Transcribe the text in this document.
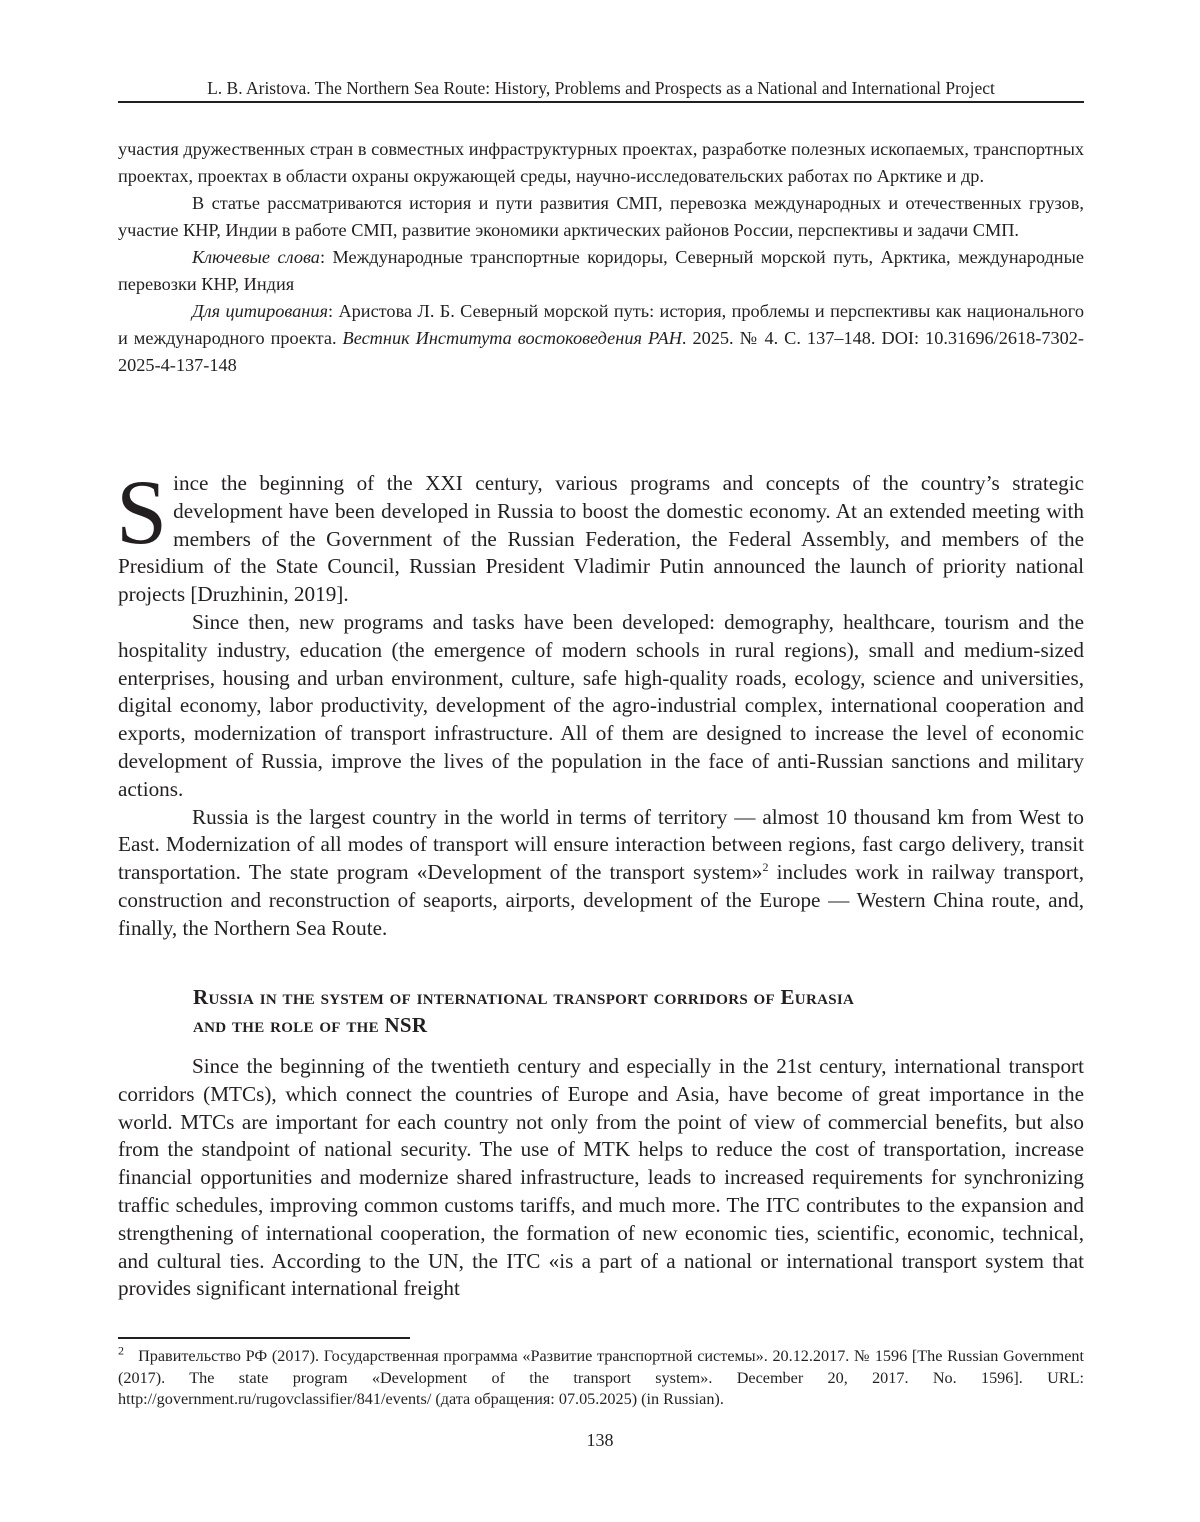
L. B. Aristova. The Northern Sea Route: History, Problems and Prospects as a National and International Project

участия дружественных стран в совместных инфраструктурных проектах, разработке полезных ископаемых, транспортных проектах, проектах в области охраны окружающей среды, научно-исследовательских работах по Арктике и др.

В статье рассматриваются история и пути развития СМП, перевозка международных и отечественных грузов, участие КНР, Индии в работе СМП, развитие экономики арктических районов России, перспективы и задачи СМП.

Ключевые слова: Международные транспортные коридоры, Северный морской путь, Арктика, международные перевозки КНР, Индия

Для цитирования: Аристова Л. Б. Северный морской путь: история, проблемы и перспективы как национального и международного проекта. Вестник Института востоковедения РАН. 2025. № 4. С. 137–148. DOI: 10.31696/2618-7302-2025-4-137-148

Since the beginning of the XXI century, various programs and concepts of the country’s strategic development have been developed in Russia to boost the domestic economy. At an extended meeting with members of the Government of the Russian Federation, the Federal Assembly, and members of the Presidium of the State Council, Russian President Vladimir Putin announced the launch of priority national projects [Druzhinin, 2019].

Since then, new programs and tasks have been developed: demography, healthcare, tourism and the hospitality industry, education (the emergence of modern schools in rural regions), small and medium-sized enterprises, housing and urban environment, culture, safe high-quality roads, ecology, science and universities, digital economy, labor productivity, development of the agro-industrial complex, international cooperation and exports, modernization of transport infrastructure. All of them are designed to increase the level of economic development of Russia, improve the lives of the population in the face of anti-Russian sanctions and military actions.

Russia is the largest country in the world in terms of territory — almost 10 thousand km from West to East. Modernization of all modes of transport will ensure interaction between regions, fast cargo delivery, transit transportation. The state program «Development of the transport system»$^2$ includes work in railway transport, construction and reconstruction of seaports, airports, development of the Europe — Western China route, and, finally, the Northern Sea Route.

Russia in the system of international transport corridors of Eurasia
and the role of the NSR

Since the beginning of the twentieth century and especially in the 21st century, international transport corridors (MTCs), which connect the countries of Europe and Asia, have become of great importance in the world. MTCs are important for each country not only from the point of view of commercial benefits, but also from the standpoint of national security. The use of MTK helps to reduce the cost of transportation, increase financial opportunities and modernize shared infrastructure, leads to increased requirements for synchronizing traffic schedules, improving common customs tariffs, and much more. The ITC contributes to the expansion and strengthening of international cooperation, the formation of new economic ties, scientific, economic, technical, and cultural ties. According to the UN, the ITC «is a part of a national or international transport system that provides significant international freight

$^2$ Правительство РФ (2017). Государственная программа «Развитие транспортной системы». 20.12.2017. № 1596 [The Russian Government (2017). The state program «Development of the transport system». December 20, 2017. No. 1596]. URL: http://government.ru/rugovclassifier/841/events/ (дата обращения: 07.05.2025) (in Russian).

138
